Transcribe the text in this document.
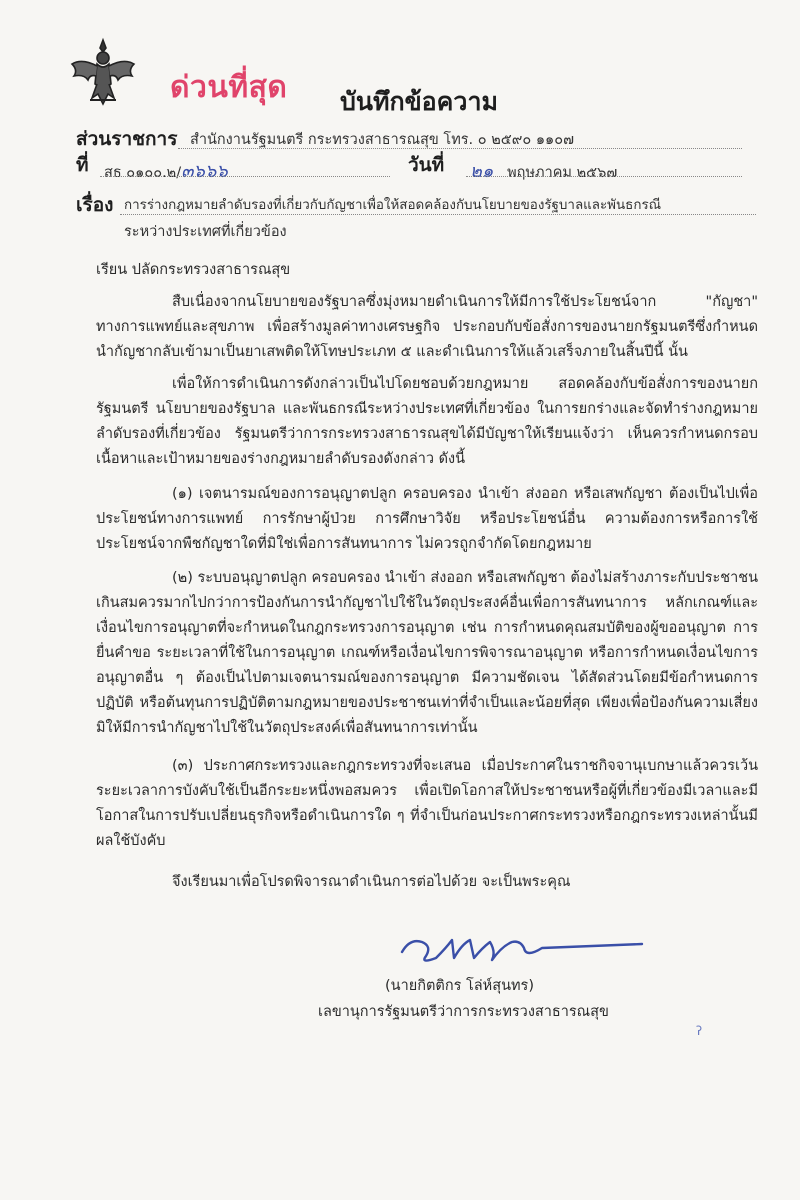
ด่วนที่สุด บันทึกข้อความ
ส่วนราชการ สำนักงานรัฐมนตรี กระทรวงสาธารณสุข โทร. ๐ ๒๕๙๐ ๑๑๐๗
ที่ สธ ๐๑๐๐.๒/๓๖๖๖	วันที่ ๒๑ พฤษภาคม ๒๕๖๗
เรื่อง การร่างกฎหมายลำดับรองที่เกี่ยวกับกัญชาเพื่อให้สอดคล้องกับนโยบายของรัฐบาลและพันธกรณี
ระหว่างประเทศที่เกี่ยวข้อง
เรียน ปลัดกระทรวงสาธารณสุข

สืบเนื่องจากนโยบายของรัฐบาลซึ่งมุ่งหมายดำเนินการให้มีการใช้ประโยชน์จาก "กัญชา" ทางการแพทย์และสุขภาพ เพื่อสร้างมูลค่าทางเศรษฐกิจ ประกอบกับข้อสั่งการของนายกรัฐมนตรีซึ่งกำหนดนำกัญชากลับเข้ามาเป็นยาเสพติดให้โทษประเภท ๕ และดำเนินการให้แล้วเสร็จภายในสิ้นปีนี้ นั้น

เพื่อให้การดำเนินการดังกล่าวเป็นไปโดยชอบด้วยกฎหมาย สอดคล้องกับข้อสั่งการของนายกรัฐมนตรี นโยบายของรัฐบาล และพันธกรณีระหว่างประเทศที่เกี่ยวข้อง ในการยกร่างและจัดทำร่างกฎหมายลำดับรองที่เกี่ยวข้อง รัฐมนตรีว่าการกระทรวงสาธารณสุขได้มีบัญชาให้เรียนแจ้งว่า เห็นควรกำหนดกรอบเนื้อหาและเป้าหมายของร่างกฎหมายลำดับรองดังกล่าว ดังนี้

(๑) เจตนารมณ์ของการอนุญาตปลูก ครอบครอง นำเข้า ส่งออก หรือเสพกัญชา ต้องเป็นไปเพื่อประโยชน์ทางการแพทย์ การรักษาผู้ป่วย การศึกษาวิจัย หรือประโยชน์อื่น ความต้องการหรือการใช้ประโยชน์จากพืชกัญชาใดที่มิใช่เพื่อการสันทนาการ ไม่ควรถูกจำกัดโดยกฎหมาย

(๒) ระบบอนุญาตปลูก ครอบครอง นำเข้า ส่งออก หรือเสพกัญชา ต้องไม่สร้างภาระกับประชาชนเกินสมควรมากไปกว่าการป้องกันการนำกัญชาไปใช้ในวัตถุประสงค์อื่นเพื่อการสันทนาการ หลักเกณฑ์และเงื่อนไขการอนุญาตที่จะกำหนดในกฎกระทรวงการอนุญาต เช่น การกำหนดคุณสมบัติของผู้ขออนุญาต การยื่นคำขอ ระยะเวลาที่ใช้ในการอนุญาต เกณฑ์หรือเงื่อนไขการพิจารณาอนุญาต หรือการกำหนดเงื่อนไขการอนุญาตอื่น ๆ ต้องเป็นไปตามเจตนารมณ์ของการอนุญาต มีความชัดเจน ได้สัดส่วนโดยมีข้อกำหนดการปฏิบัติ หรือต้นทุนการปฏิบัติตามกฎหมายของประชาชนเท่าที่จำเป็นและน้อยที่สุด เพียงเพื่อป้องกันความเสี่ยงมิให้มีการนำกัญชาไปใช้ในวัตถุประสงค์เพื่อสันทนาการเท่านั้น

(๓) ประกาศกระทรวงและกฎกระทรวงที่จะเสนอ เมื่อประกาศในราชกิจจานุเบกษาแล้วควรเว้นระยะเวลาการบังคับใช้เป็นอีกระยะหนึ่งพอสมควร เพื่อเปิดโอกาสให้ประชาชนหรือผู้ที่เกี่ยวข้องมีเวลาและมีโอกาสในการปรับเปลี่ยนธุรกิจหรือดำเนินการใด ๆ ที่จำเป็นก่อนประกาศกระทรวงหรือกฎกระทรวงเหล่านั้นมีผลใช้บังคับ

จึงเรียนมาเพื่อโปรดพิจารณาดำเนินการต่อไปด้วย จะเป็นพระคุณ
(นายกิตติกร โล่ห์สุนทร)
เลขานุการรัฐมนตรีว่าการกระทรวงสาธารณสุข
ʔ
